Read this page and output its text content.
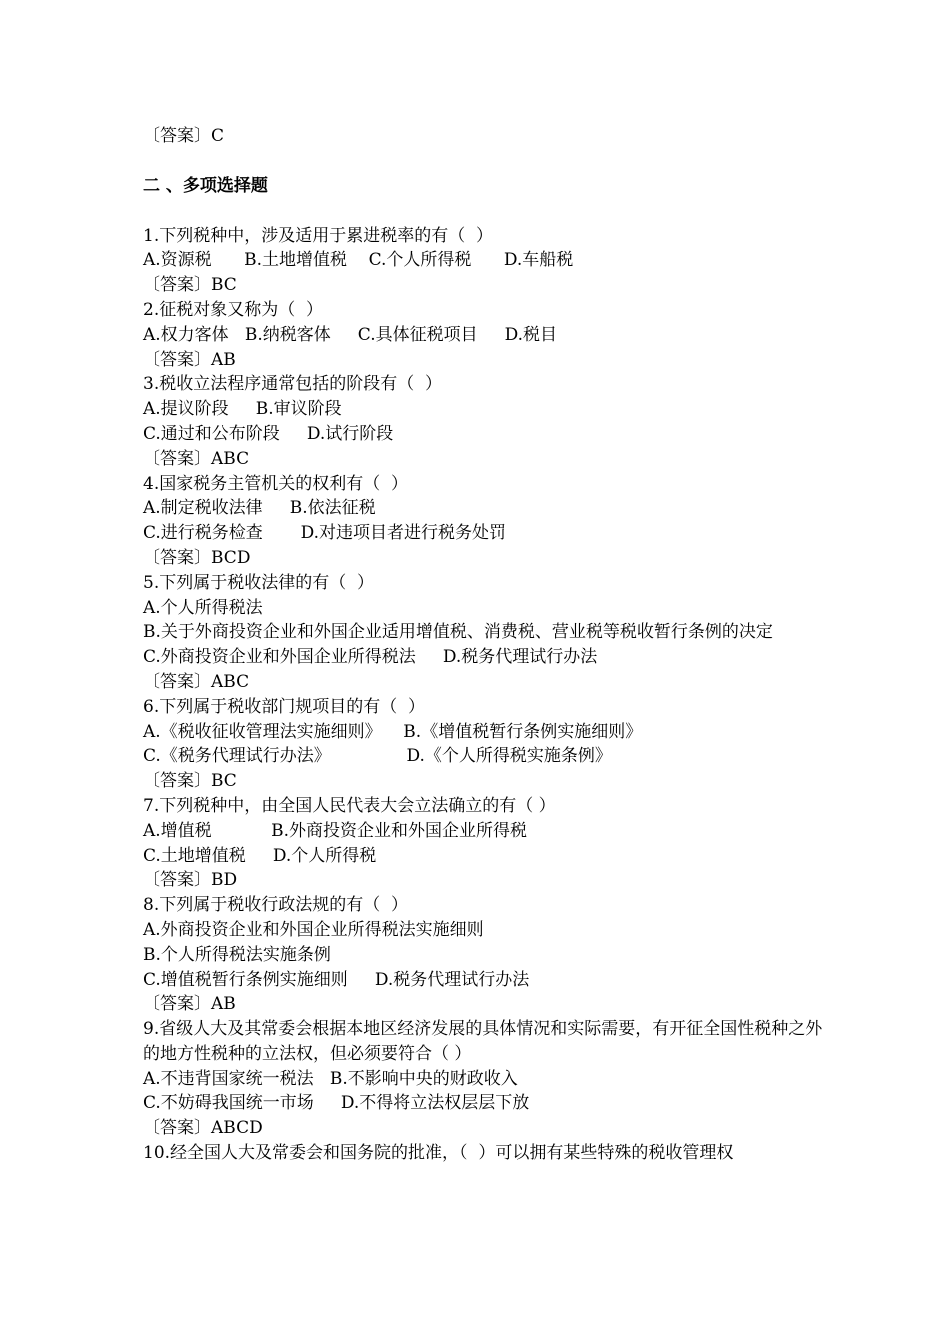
〔答案〕C
二 、多项选择题
1.下列税种中，涉及适用于累进税率的有（  ）
A.资源税      B.土地增值税    C.个人所得税      D.车船税
〔答案〕BC
2.征税对象又称为（  ）
A.权力客体   B.纳税客体     C.具体征税项目     D.税目
〔答案〕AB
3.税收立法程序通常包括的阶段有（  ）
A.提议阶段     B.审议阶段
C.通过和公布阶段     D.试行阶段
〔答案〕ABC
4.国家税务主管机关的权利有（  ）
A.制定税收法律     B.依法征税
C.进行税务检查       D.对违项目者进行税务处罚
〔答案〕BCD
5.下列属于税收法律的有（  ）
A.个人所得税法
B.关于外商投资企业和外国企业适用增值税、消费税、营业税等税收暂行条例的决定
C.外商投资企业和外国企业所得税法     D.税务代理试行办法
〔答案〕ABC
6.下列属于税收部门规项目的有（  ）
A.《税收征收管理法实施细则》    B.《增值税暂行条例实施细则》
C.《税务代理试行办法》              D.《个人所得税实施条例》
〔答案〕BC
7.下列税种中，由全国人民代表大会立法确立的有（ ）
A.增值税           B.外商投资企业和外国企业所得税
C.土地增值税     D.个人所得税
〔答案〕BD
8.下列属于税收行政法规的有（  ）
A.外商投资企业和外国企业所得税法实施细则
B.个人所得税法实施条例
C.增值税暂行条例实施细则     D.税务代理试行办法
〔答案〕AB
9.省级人大及其常委会根据本地区经济发展的具体情况和实际需要，有开征全国性税种之外的地方性税种的立法权，但必须要符合（ ）
A.不违背国家统一税法   B.不影响中央的财政收入
C.不妨碍我国统一市场     D.不得将立法权层层下放
〔答案〕ABCD
10.经全国人大及常委会和国务院的批准，（  ）可以拥有某些特殊的税收管理权
